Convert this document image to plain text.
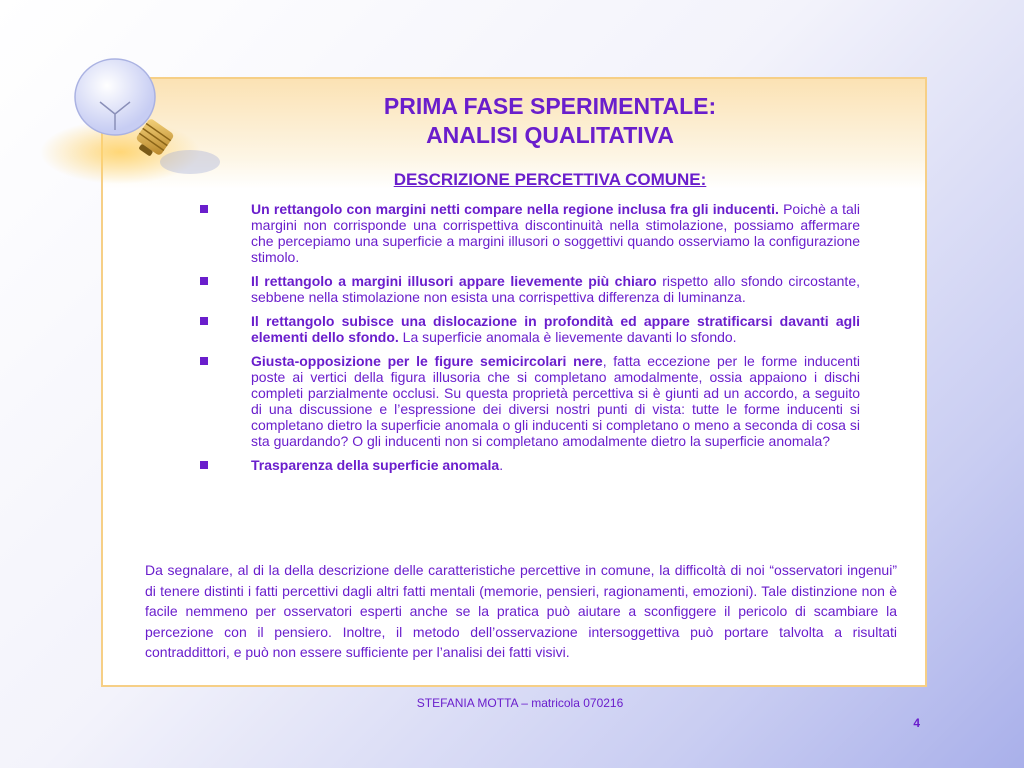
PRIMA FASE SPERIMENTALE:
ANALISI QUALITATIVA
DESCRIZIONE PERCETTIVA COMUNE:
Un rettangolo con margini netti compare nella regione inclusa fra gli inducenti. Poichè a tali margini non corrisponde una corrispettiva discontinuità nella stimolazione, possiamo affermare che percepiamo una superficie a margini illusori o soggettivi quando osserviamo la configurazione stimolo.
Il rettangolo a margini illusori appare lievemente più chiaro rispetto allo sfondo circostante, sebbene nella stimolazione non esista una corrispettiva differenza di luminanza.
Il rettangolo subisce una dislocazione in profondità ed appare stratificarsi davanti agli elementi dello sfondo. La superficie anomala è lievemente davanti lo sfondo.
Giusta-opposizione per le figure semicircolari nere, fatta eccezione per le forme inducenti poste ai vertici della figura illusoria che si completano amodalmente, ossia appaiono i dischi completi parzialmente occlusi. Su questa proprietà percettiva si è giunti ad un accordo, a seguito di una discussione e l’espressione dei diversi nostri punti di vista: tutte le forme inducenti si completano dietro la superficie anomala o gli inducenti si completano o meno a seconda di cosa si sta guardando? O gli inducenti non si completano amodalmente dietro la superficie anomala?
Trasparenza della superficie anomala.
Da segnalare, al di la della descrizione delle caratteristiche percettive in comune, la difficoltà di noi “osservatori ingenui” di tenere distinti i fatti percettivi dagli altri fatti mentali (memorie, pensieri, ragionamenti, emozioni). Tale distinzione non è facile nemmeno per osservatori esperti anche se la pratica può aiutare a sconfiggere il pericolo di scambiare la percezione con il pensiero. Inoltre, il metodo dell’osservazione intersoggettiva può portare talvolta a risultati contraddittori, e può non essere sufficiente per l’analisi dei fatti visivi.
STEFANIA MOTTA – matricola 070216
4
